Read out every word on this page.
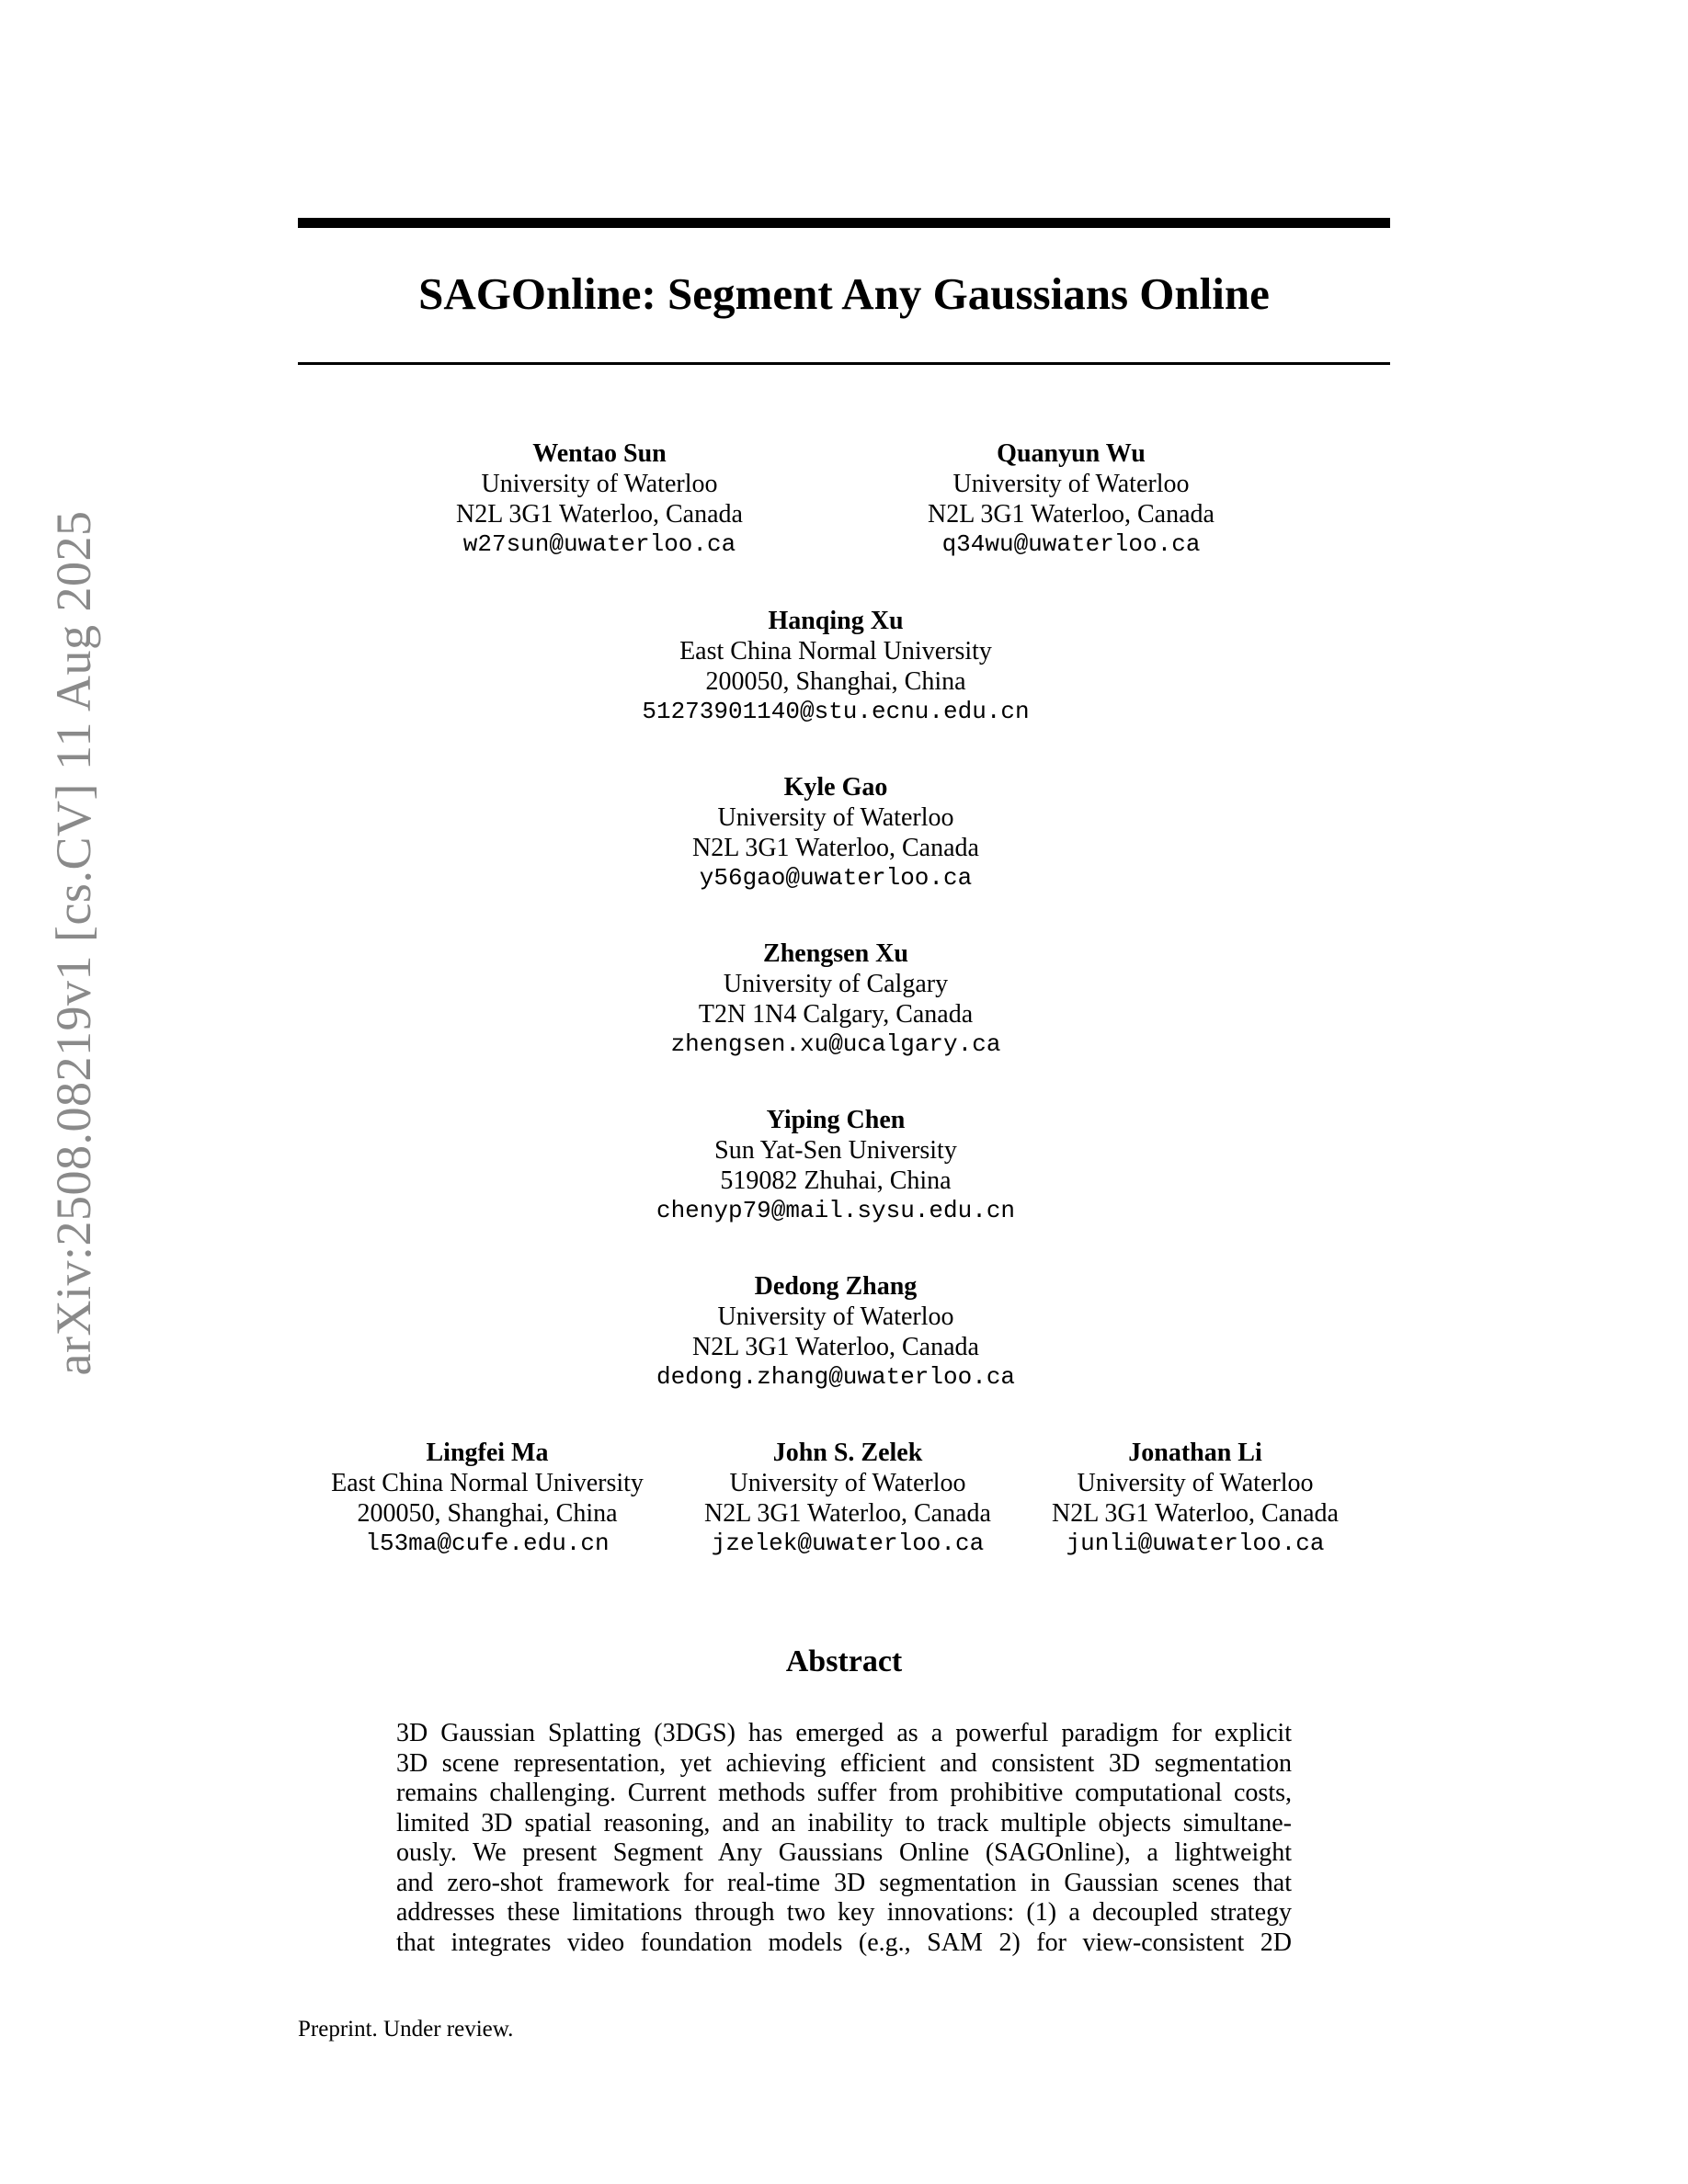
arXiv:2508.08219v1 [cs.CV] 11 Aug 2025
SAGOnline: Segment Any Gaussians Online
Wentao Sun
University of Waterloo
N2L 3G1 Waterloo, Canada
w27sun@uwaterloo.ca
Quanyun Wu
University of Waterloo
N2L 3G1 Waterloo, Canada
q34wu@uwaterloo.ca
Hanqing Xu
East China Normal University
200050, Shanghai, China
51273901140@stu.ecnu.edu.cn
Kyle Gao
University of Waterloo
N2L 3G1 Waterloo, Canada
y56gao@uwaterloo.ca
Zhengsen Xu
University of Calgary
T2N 1N4 Calgary, Canada
zhengsen.xu@ucalgary.ca
Yiping Chen
Sun Yat-Sen University
519082 Zhuhai, China
chenyp79@mail.sysu.edu.cn
Dedong Zhang
University of Waterloo
N2L 3G1 Waterloo, Canada
dedong.zhang@uwaterloo.ca
Lingfei Ma
East China Normal University
200050, Shanghai, China
l53ma@cufe.edu.cn
John S. Zelek
University of Waterloo
N2L 3G1 Waterloo, Canada
jzelek@uwaterloo.ca
Jonathan Li
University of Waterloo
N2L 3G1 Waterloo, Canada
junli@uwaterloo.ca
Abstract
3D Gaussian Splatting (3DGS) has emerged as a powerful paradigm for explicit
3D scene representation, yet achieving efficient and consistent 3D segmentation
remains challenging. Current methods suffer from prohibitive computational costs,
limited 3D spatial reasoning, and an inability to track multiple objects simultane-
ously. We present Segment Any Gaussians Online (SAGOnline), a lightweight
and zero-shot framework for real-time 3D segmentation in Gaussian scenes that
addresses these limitations through two key innovations: (1) a decoupled strategy
that integrates video foundation models (e.g., SAM 2) for view-consistent 2D
Preprint. Under review.
